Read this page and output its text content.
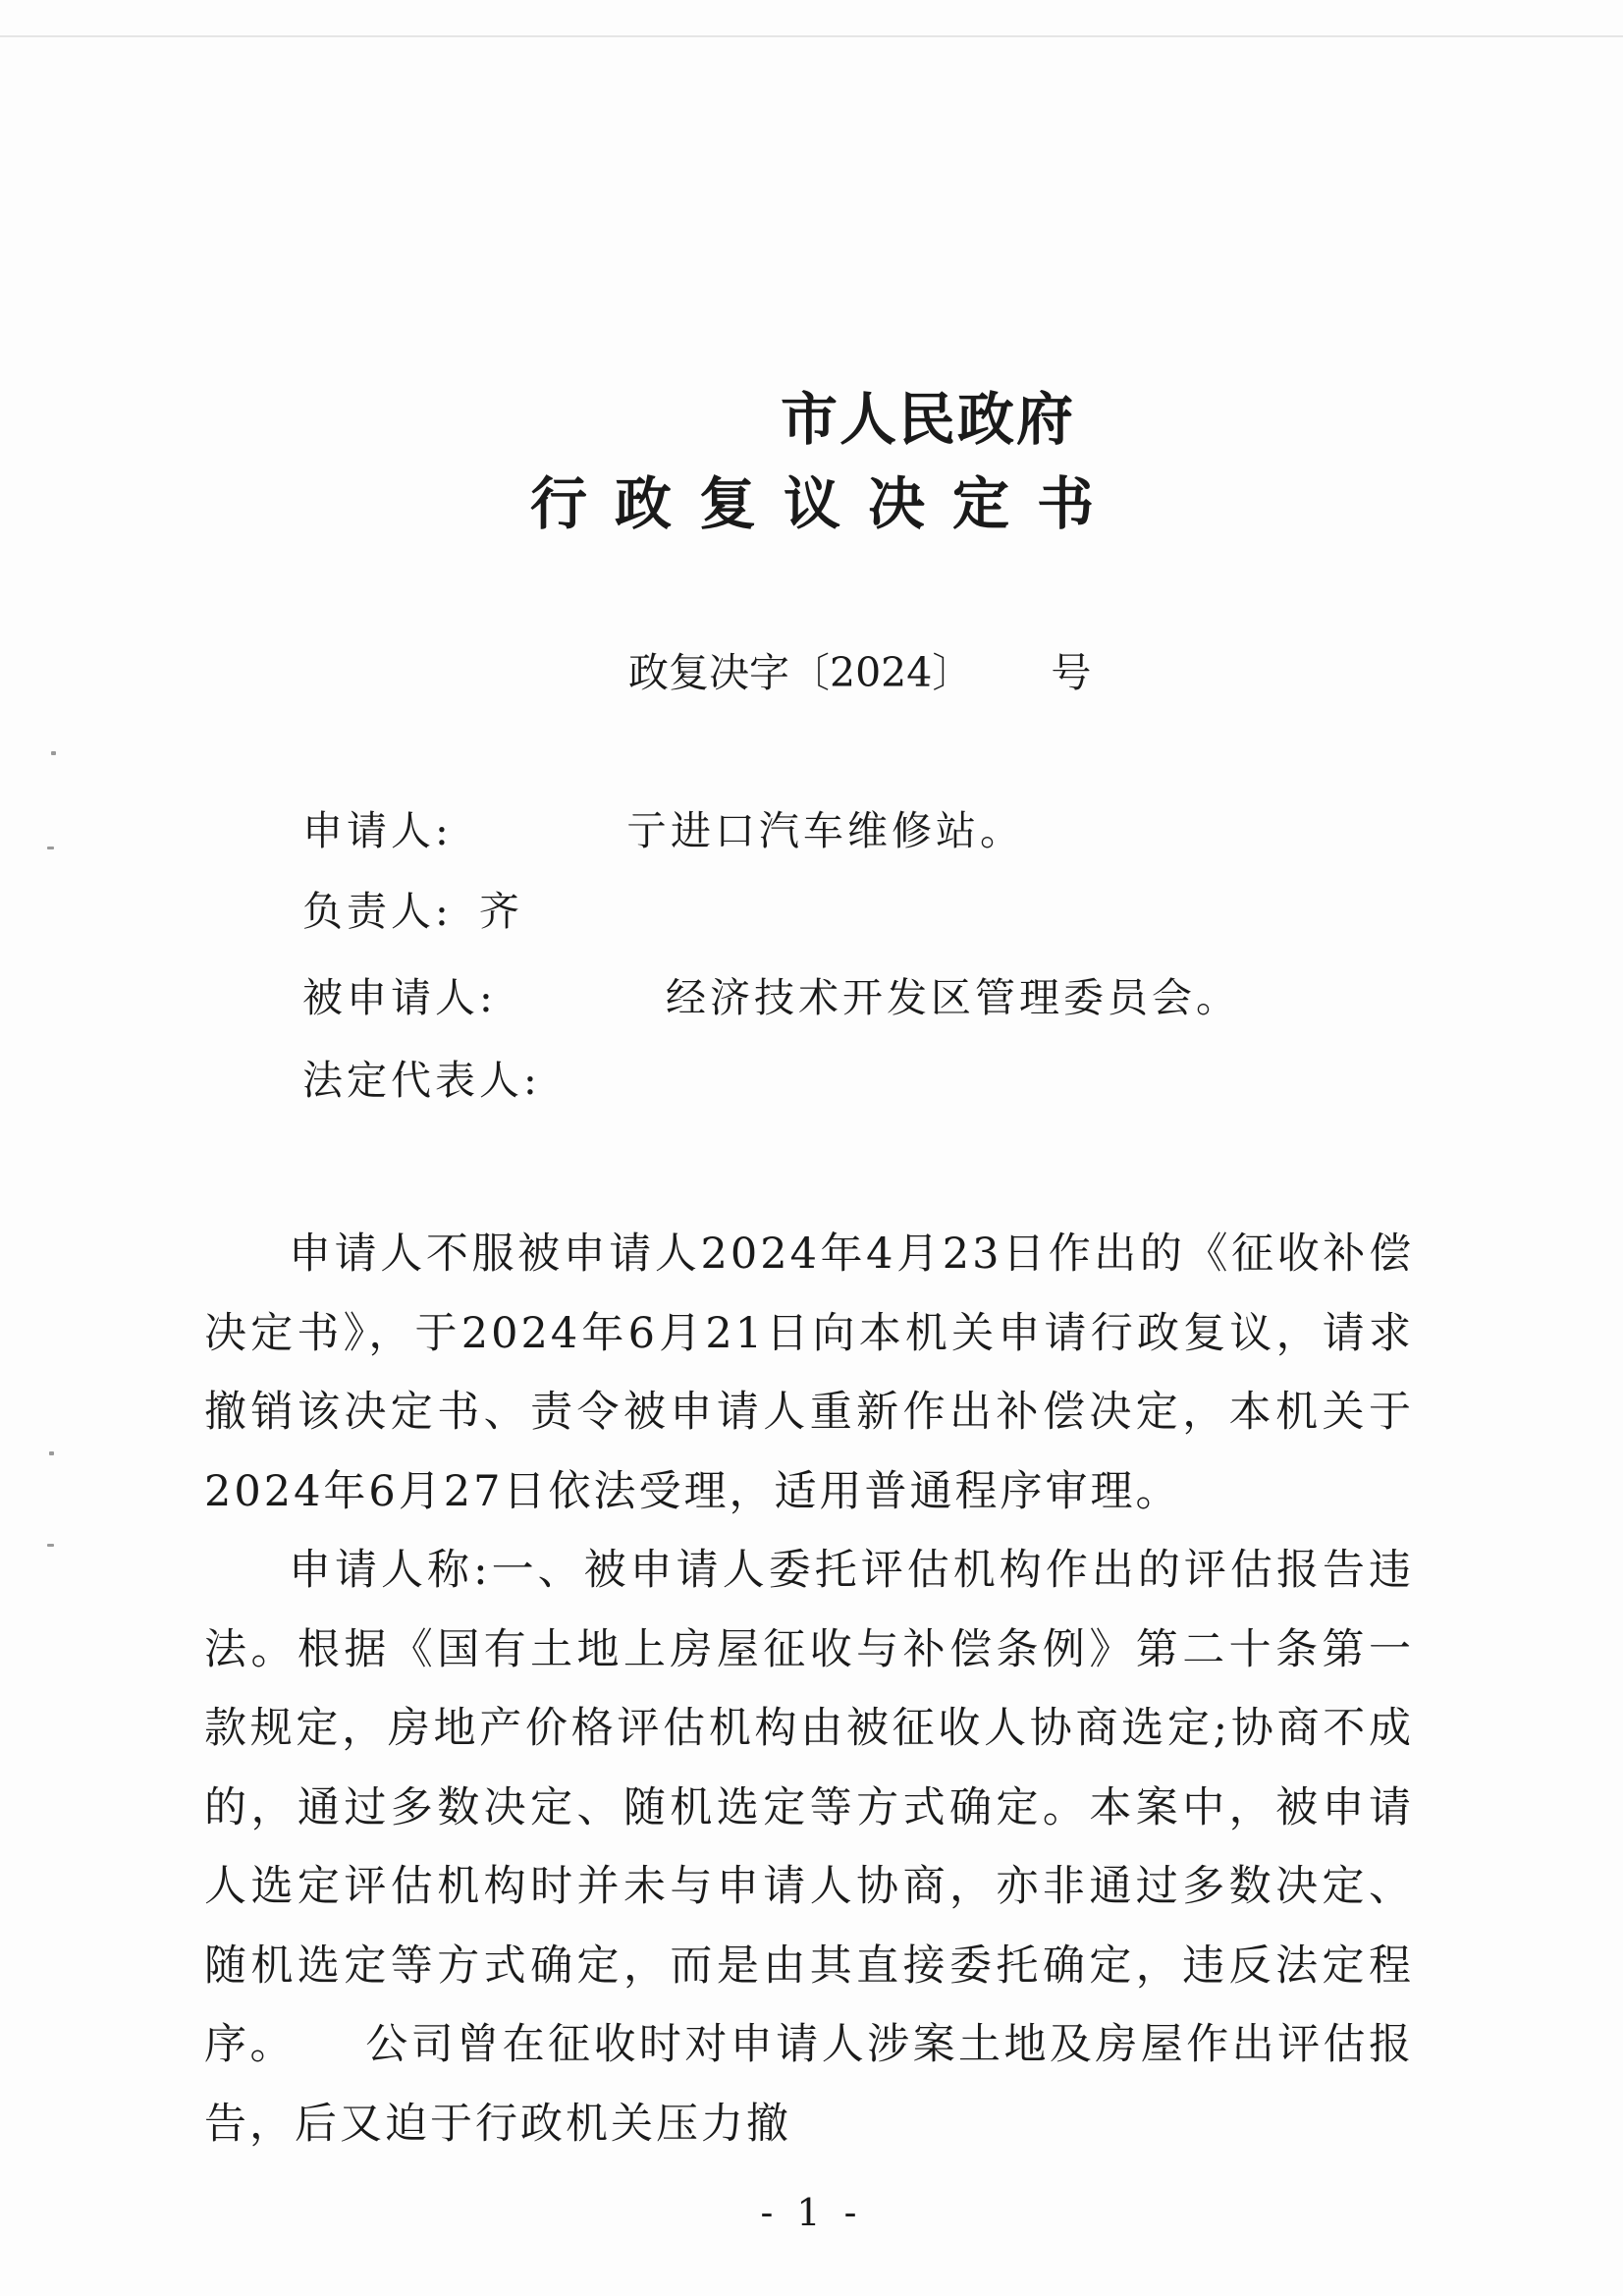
市人民政府
行政复议决定书
政复决字〔2024〕 号
申请人:	亍进口汽车维修站。
负责人: 齐
被申请人:	经济技术开发区管理委员会。
法定代表人:

申请人不服被申请人2024年4月23日作出的《征收补偿决定书》，于2024年6月21日向本机关申请行政复议，请求撤销该决定书、责令被申请人重新作出补偿决定，本机关于2024年6月27日依法受理，适用普通程序审理。

申请人称:一、被申请人委托评估机构作出的评估报告违法。根据《国有土地上房屋征收与补偿条例》第二十条第一款规定，房地产价格评估机构由被征收人协商选定;协商不成的，通过多数决定、随机选定等方式确定。本案中，被申请人选定评估机构时并未与申请人协商，亦非通过多数决定、随机选定等方式确定，而是由其直接委托确定，违反法定程序。　　公司曾在征收时对申请人涉案土地及房屋作出评估报告，后又迫于行政机关压力撤

- 1 -
